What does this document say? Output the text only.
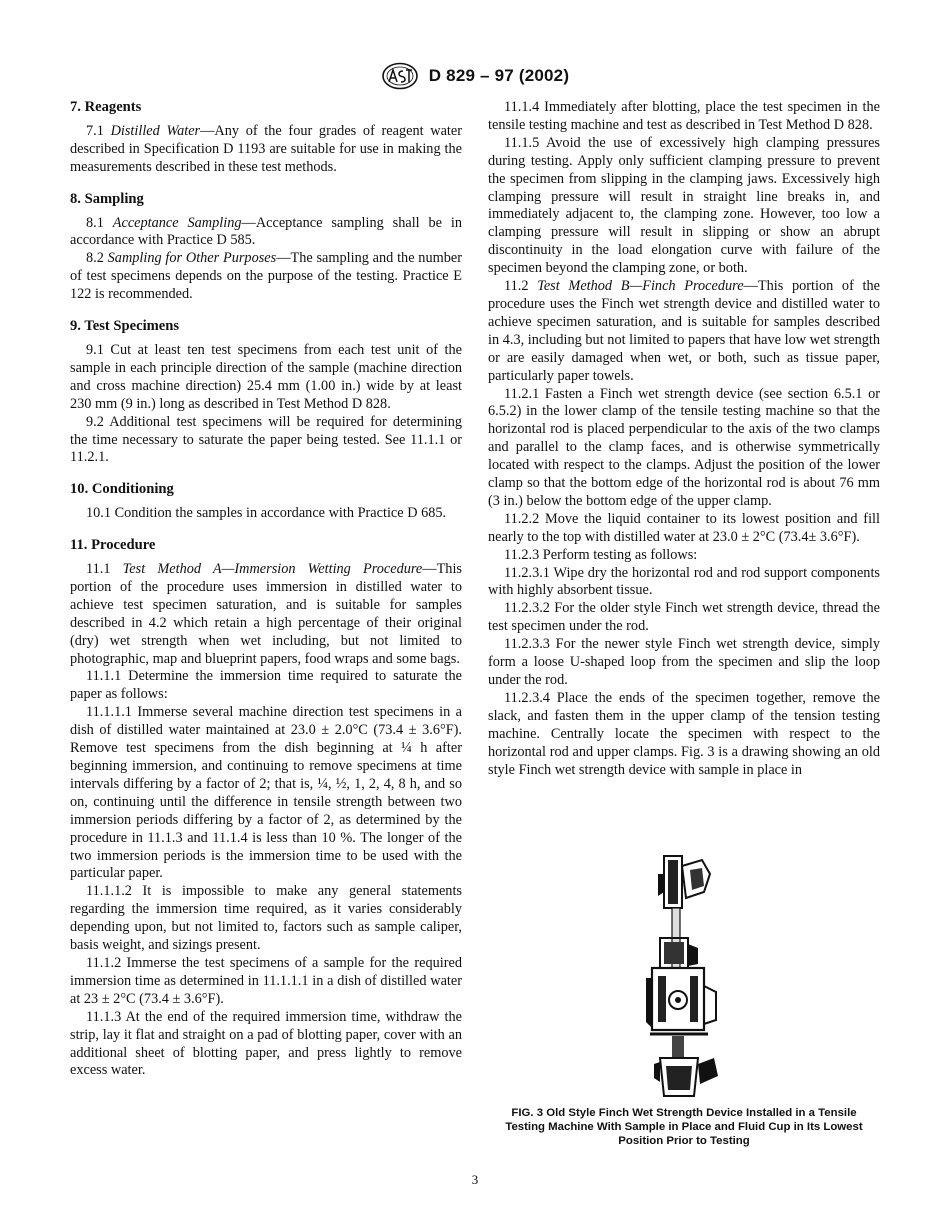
D 829 – 97 (2002)
7. Reagents

7.1 Distilled Water—Any of the four grades of reagent water described in Specification D 1193 are suitable for use in making the measurements described in these test methods.

8. Sampling

8.1 Acceptance Sampling—Acceptance sampling shall be in accordance with Practice D 585.

8.2 Sampling for Other Purposes—The sampling and the number of test specimens depends on the purpose of the testing. Practice E 122 is recommended.

9. Test Specimens

9.1 Cut at least ten test specimens from each test unit of the sample in each principle direction of the sample (machine direction and cross machine direction) 25.4 mm (1.00 in.) wide by at least 230 mm (9 in.) long as described in Test Method D 828.

9.2 Additional test specimens will be required for determining the time necessary to saturate the paper being tested. See 11.1.1 or 11.2.1.

10. Conditioning

10.1 Condition the samples in accordance with Practice D 685.

11. Procedure

11.1 Test Method A—Immersion Wetting Procedure—This portion of the procedure uses immersion in distilled water to achieve test specimen saturation, and is suitable for samples described in 4.2 which retain a high percentage of their original (dry) wet strength when wet including, but not limited to photographic, map and blueprint papers, food wraps and some bags.

11.1.1 Determine the immersion time required to saturate the paper as follows:

11.1.1.1 Immerse several machine direction test specimens in a dish of distilled water maintained at 23.0 ± 2.0°C (73.4 ± 3.6°F). Remove test specimens from the dish beginning at ¼ h after beginning immersion, and continuing to remove specimens at time intervals differing by a factor of 2; that is, ¼, ½, 1, 2, 4, 8 h, and so on, continuing until the difference in tensile strength between two immersion periods differing by a factor of 2, as determined by the procedure in 11.1.3 and 11.1.4 is less than 10 %. The longer of the two immersion periods is the immersion time to be used with the particular paper.

11.1.1.2 It is impossible to make any general statements regarding the immersion time required, as it varies considerably depending upon, but not limited to, factors such as sample caliper, basis weight, and sizings present.

11.1.2 Immerse the test specimens of a sample for the required immersion time as determined in 11.1.1.1 in a dish of distilled water at 23 ± 2°C (73.4 ± 3.6°F).

11.1.3 At the end of the required immersion time, withdraw the strip, lay it flat and straight on a pad of blotting paper, cover with an additional sheet of blotting paper, and press lightly to remove excess water.

11.1.4 Immediately after blotting, place the test specimen in the tensile testing machine and test as described in Test Method D 828.

11.1.5 Avoid the use of excessively high clamping pressures during testing. Apply only sufficient clamping pressure to prevent the specimen from slipping in the clamping jaws. Excessively high clamping pressure will result in straight line breaks in, and immediately adjacent to, the clamping zone. However, too low a clamping pressure will result in slipping or show an abrupt discontinuity in the load elongation curve with failure of the specimen beyond the clamping zone, or both.

11.2 Test Method B—Finch Procedure—This portion of the procedure uses the Finch wet strength device and distilled water to achieve specimen saturation, and is suitable for samples described in 4.3, including but not limited to papers that have low wet strength or are easily damaged when wet, or both, such as tissue paper, particularly paper towels.

11.2.1 Fasten a Finch wet strength device (see section 6.5.1 or 6.5.2) in the lower clamp of the tensile testing machine so that the horizontal rod is placed perpendicular to the axis of the two clamps and parallel to the clamp faces, and is otherwise symmetrically located with respect to the clamps. Adjust the position of the lower clamp so that the bottom edge of the horizontal rod is about 76 mm (3 in.) below the bottom edge of the upper clamp.

11.2.2 Move the liquid container to its lowest position and fill nearly to the top with distilled water at 23.0 ± 2°C (73.4± 3.6°F).

11.2.3 Perform testing as follows:

11.2.3.1 Wipe dry the horizontal rod and rod support components with highly absorbent tissue.

11.2.3.2 For the older style Finch wet strength device, thread the test specimen under the rod.

11.2.3.3 For the newer style Finch wet strength device, simply form a loose U-shaped loop from the specimen and slip the loop under the rod.

11.2.3.4 Place the ends of the specimen together, remove the slack, and fasten them in the upper clamp of the tension testing machine. Centrally locate the specimen with respect to the horizontal rod and upper clamps. Fig. 3 is a drawing showing an old style Finch wet strength device with sample in place in

FIG. 3 Old Style Finch Wet Strength Device Installed in a Tensile Testing Machine With Sample in Place and Fluid Cup in Its Lowest Position Prior to Testing
3
